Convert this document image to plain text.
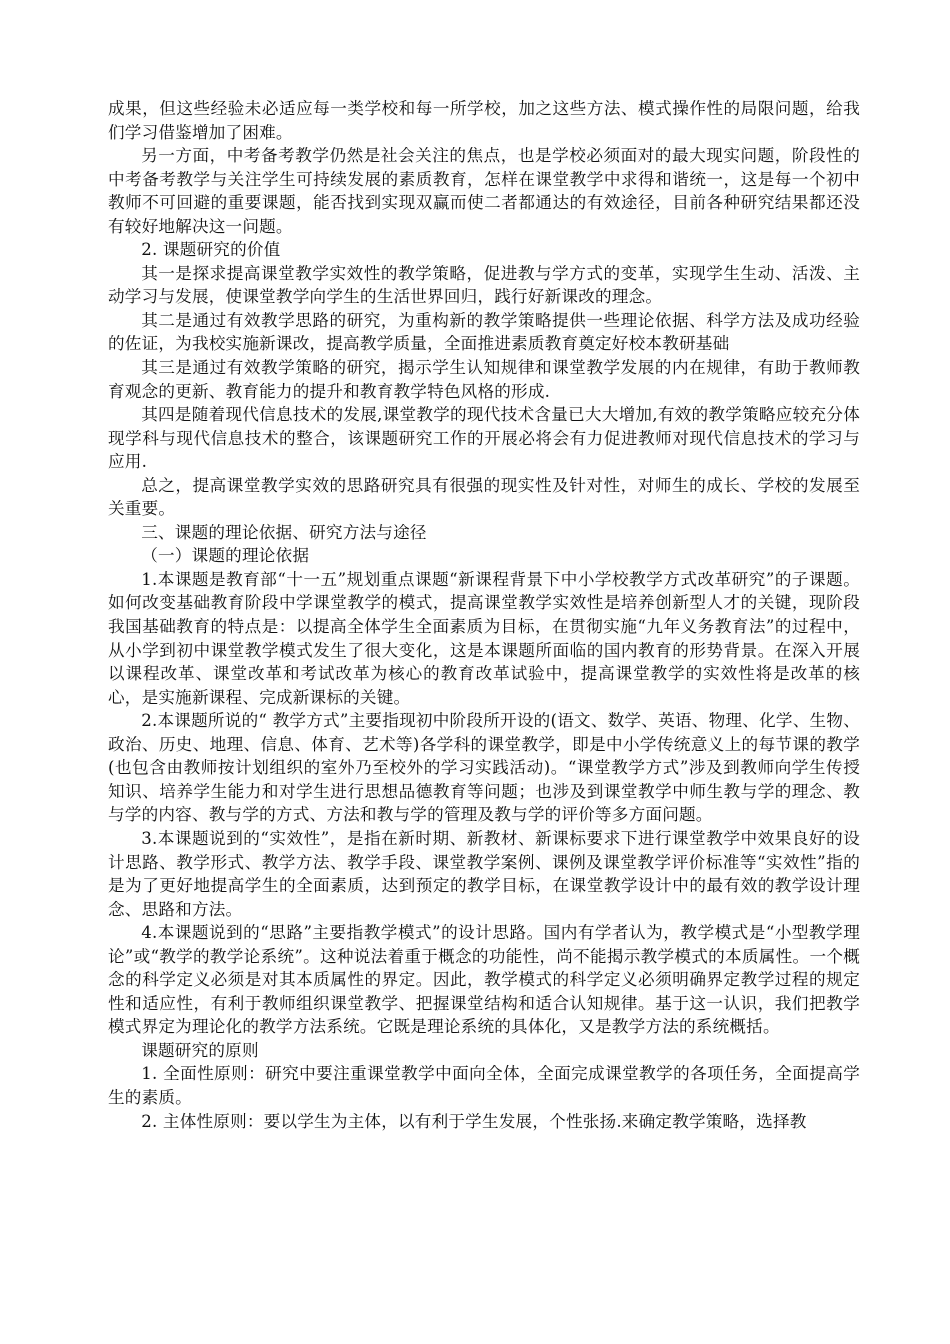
成果，但这些经验未必适应每一类学校和每一所学校，加之这些方法、模式操作性的局限问题，给我们学习借鉴增加了困难。

另一方面，中考备考教学仍然是社会关注的焦点，也是学校必须面对的最大现实问题，阶段性的中考备考教学与关注学生可持续发展的素质教育，怎样在课堂教学中求得和谐统一，这是每一个初中教师不可回避的重要课题，能否找到实现双赢而使二者都通达的有效途径，目前各种研究结果都还没有较好地解决这一问题。

2. 课题研究的价值

其一是探求提高课堂教学实效性的教学策略，促进教与学方式的变革，实现学生生动、活泼、主动学习与发展，使课堂教学向学生的生活世界回归，践行好新课改的理念。

其二是通过有效教学思路的研究，为重构新的教学策略提供一些理论依据、科学方法及成功经验的佐证，为我校实施新课改，提高教学质量，全面推进素质教育奠定好校本教研基础

其三是通过有效教学策略的研究，揭示学生认知规律和课堂教学发展的内在规律，有助于教师教育观念的更新、教育能力的提升和教育教学特色风格的形成.

其四是随着现代信息技术的发展,课堂教学的现代技术含量已大大增加,有效的教学策略应较充分体现学科与现代信息技术的整合，该课题研究工作的开展必将会有力促进教师对现代信息技术的学习与应用.

总之，提高课堂教学实效的思路研究具有很强的现实性及针对性，对师生的成长、学校的发展至关重要。

三、课题的理论依据、研究方法与途径

（一）课题的理论依据

1.本课题是教育部“十一五”规划重点课题“新课程背景下中小学校教学方式改革研究”的子课题。如何改变基础教育阶段中学课堂教学的模式，提高课堂教学实效性是培养创新型人才的关键，现阶段我国基础教育的特点是：以提高全体学生全面素质为目标，在贯彻实施“九年义务教育法”的过程中，从小学到初中课堂教学模式发生了很大变化，这是本课题所面临的国内教育的形势背景。在深入开展以课程改革、课堂改革和考试改革为核心的教育改革试验中，提高课堂教学的实效性将是改革的核心，是实施新课程、完成新课标的关键。

2.本课题所说的“ 教学方式”主要指现初中阶段所开设的(语文、数学、英语、物理、化学、生物、政治、历史、地理、信息、体育、艺术等)各学科的课堂教学，即是中小学传统意义上的每节课的教学(也包含由教师按计划组织的室外乃至校外的学习实践活动)。“课堂教学方式”涉及到教师向学生传授知识、培养学生能力和对学生进行思想品德教育等问题；也涉及到课堂教学中师生教与学的理念、教与学的内容、教与学的方式、方法和教与学的管理及教与学的评价等多方面问题。

3.本课题说到的“实效性”，是指在新时期、新教材、新课标要求下进行课堂教学中效果良好的设计思路、教学形式、教学方法、教学手段、课堂教学案例、课例及课堂教学评价标准等“实效性”指的是为了更好地提高学生的全面素质，达到预定的教学目标，在课堂教学设计中的最有效的教学设计理念、思路和方法。

4.本课题说到的“思路”主要指教学模式”的设计思路。国内有学者认为，教学模式是“小型教学理论”或“教学的教学论系统”。这种说法着重于概念的功能性，尚不能揭示教学模式的本质属性。一个概念的科学定义必须是对其本质属性的界定。因此，教学模式的科学定义必须明确界定教学过程的规定性和适应性，有利于教师组织课堂教学、把握课堂结构和适合认知规律。基于这一认识，我们把教学模式界定为理论化的教学方法系统。它既是理论系统的具体化，又是教学方法的系统概括。

课题研究的原则

1. 全面性原则：研究中要注重课堂教学中面向全体，全面完成课堂教学的各项任务，全面提高学生的素质。

2. 主体性原则：要以学生为主体，以有利于学生发展，个性张扬.来确定教学策略，选择教
